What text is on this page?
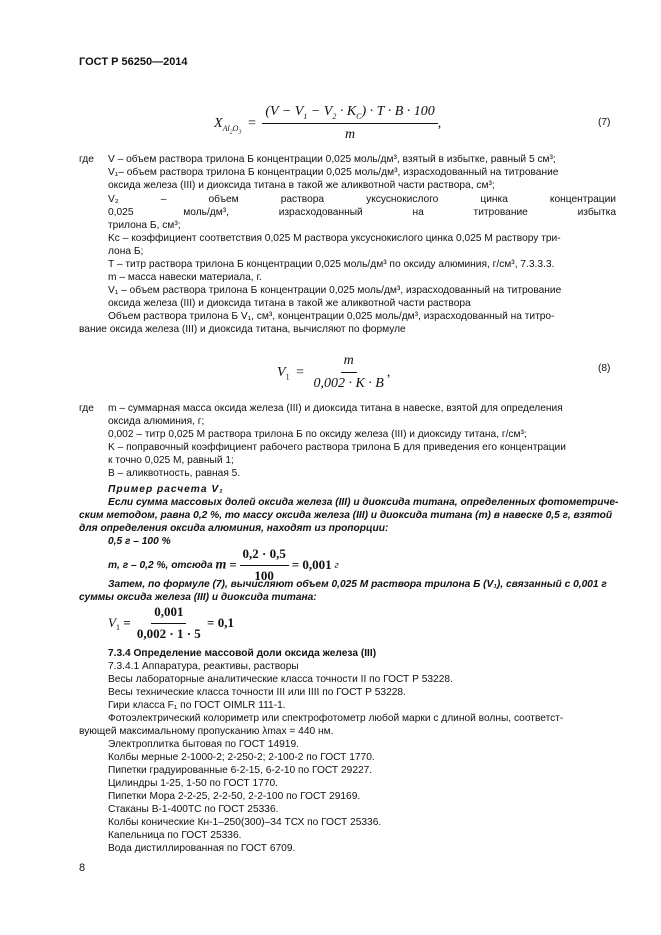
ГОСТ Р 56250—2014
$X_{Al_2O_3} = \frac{(V - V_1 - V_2 \cdot K_C) \cdot T \cdot B \cdot 100}{m}$ ,	(7)
где V – объем раствора трилона Б концентрации 0,025 моль/дм³, взятый в избытке, равный 5 см³;
V₁– объем раствора трилона Б концентрации 0,025 моль/дм³, израсходованный на титрование
оксида железа (III) и диоксида титана в такой же аликвотной части раствора, см³;
V₂ – объем раствора уксуснокислого цинка концентрации
0,025 моль/дм³, израсходованный на титрование избытка
трилона Б, см³;
Kc – коэффициент соответствия 0,025 М раствора уксуснокислого цинка 0,025 М раствору три-
лона Б;
T – титр раствора трилона Б концентрации 0,025 моль/дм³ по оксиду алюминия, г/см³, 7.3.3.3.
m – масса навески материала, г.
V₁ – объем раствора трилона Б концентрации 0,025 моль/дм³, израсходованный на титрование
оксида железа (III) и диоксида титана в такой же аликвотной части раствора
Объем раствора трилона Б V₁, см³, концентрации 0,025 моль/дм³, израсходованный на титро-
вание оксида железа (III) и диоксида титана, вычисляют по формуле
$V_1 = \frac{m}{0,002 \cdot K \cdot B}$ ,	(8)
где m – суммарная масса оксида железа (III) и диоксида титана в навеске, взятой для определения
оксида алюминия, г;
0,002 – титр 0,025 М раствора трилона Б по оксиду железа (III) и диоксиду титана, г/см³;
K – поправочный коэффициент рабочего раствора трилона Б для приведения его концентрации
к точно 0,025 М, равный 1;
B – аликвотность, равная 5.
Пример расчета V₁
Если сумма массовых долей оксида железа (III) и диоксида титана, определенных фотометриче-
ским методом, равна 0,2 %, то массу оксида железа (III) и диоксида титана (m) в навеске 0,5 г, взятой
для определения оксида алюминия, находят из пропорции:
0,5 г – 100 %
m, г – 0,2 %, отсюда $m = \frac{0,2 \cdot 0,5}{100} = 0,001$ г
Затем, по формуле (7), вычисляют объем 0,025 М раствора трилона Б (V₁), связанный с 0,001 г
суммы оксида железа (III) и диоксида титана:
$V_1 = \frac{0,001}{0,002 \cdot 1 \cdot 5} = 0,1$
7.3.4 Определение массовой доли оксида железа (III)
7.3.4.1 Аппаратура, реактивы, растворы
Весы лабораторные аналитические класса точности II по ГОСТ Р 53228.
Весы технические класса точности III или IIII по ГОСТ Р 53228.
Гири класса F₁ по ГОСТ OIMLR 111-1.
Фотоэлектрический колориметр или спектрофотометр любой марки с длиной волны, соответст-
вующей максимальному пропусканию λmax = 440 нм.
Электроплитка бытовая по ГОСТ 14919.
Колбы мерные 2-1000-2; 2-250-2; 2-100-2 по ГОСТ 1770.
Пипетки градуированные 6-2-15, 6-2-10 по ГОСТ 29227.
Цилиндры 1-25, 1-50 по ГОСТ 1770.
Пипетки Мора 2-2-25, 2-2-50, 2-2-100 по ГОСТ 29169.
Стаканы В-1-400ТС по ГОСТ 25336.
Колбы конические Кн-1–250(300)–34 ТСХ по ГОСТ 25336.
Капельница по ГОСТ 25336.
Вода дистиллированная по ГОСТ 6709.
8
